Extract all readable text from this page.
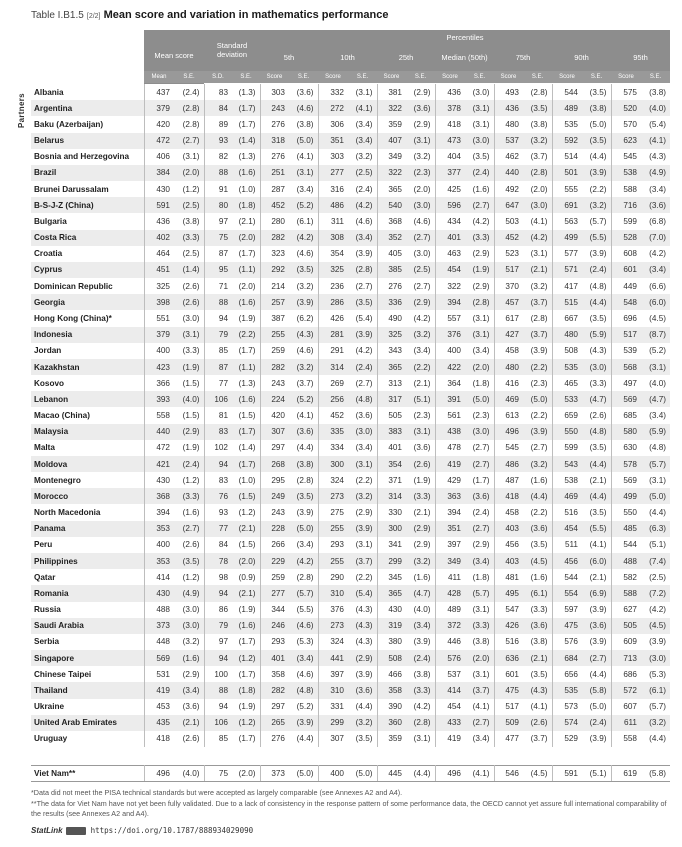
Table I.B1.5 [2/2] Mean score and variation in mathematics performance
Partners
Mean score
Standard deviation
Percentiles
5th	10th	25th	Median (50th)	75th	90th	95th
Mean	S.E.	S.D.	S.E.	Score	S.E.	Score	S.E.	Score	S.E.	Score	S.E.	Score	S.E.	Score	S.E.	Score	S.E.
Albania	437	(2.4)	83	(1.3)	303	(3.6)	332	(3.1)	381	(2.9)	436	(3.0)	493	(2.8)	544	(3.5)	575	(3.8)
Argentina	379	(2.8)	84	(1.7)	243	(4.6)	272	(4.1)	322	(3.6)	378	(3.1)	436	(3.5)	489	(3.8)	520	(4.0)
Baku (Azerbaijan)	420	(2.8)	89	(1.7)	276	(3.8)	306	(3.4)	359	(2.9)	418	(3.1)	480	(3.8)	535	(5.0)	570	(5.4)
Belarus	472	(2.7)	93	(1.4)	318	(5.0)	351	(3.4)	407	(3.1)	473	(3.0)	537	(3.2)	592	(3.5)	623	(4.1)
Bosnia and Herzegovina	406	(3.1)	82	(1.3)	276	(4.1)	303	(3.2)	349	(3.2)	404	(3.5)	462	(3.7)	514	(4.4)	545	(4.3)
Brazil	384	(2.0)	88	(1.6)	251	(3.1)	277	(2.5)	322	(2.3)	377	(2.4)	440	(2.8)	501	(3.9)	538	(4.9)
Brunei Darussalam	430	(1.2)	91	(1.0)	287	(3.4)	316	(2.4)	365	(2.0)	425	(1.6)	492	(2.0)	555	(2.2)	588	(3.4)
B-S-J-Z (China)	591	(2.5)	80	(1.8)	452	(5.2)	486	(4.2)	540	(3.0)	596	(2.7)	647	(3.0)	691	(3.2)	716	(3.6)
Bulgaria	436	(3.8)	97	(2.1)	280	(6.1)	311	(4.6)	368	(4.6)	434	(4.2)	503	(4.1)	563	(5.7)	599	(6.8)
Costa Rica	402	(3.3)	75	(2.0)	282	(4.2)	308	(3.4)	352	(2.7)	401	(3.3)	452	(4.2)	499	(5.5)	528	(7.0)
Croatia	464	(2.5)	87	(1.7)	323	(4.6)	354	(3.9)	405	(3.0)	463	(2.9)	523	(3.1)	577	(3.9)	608	(4.2)
Cyprus	451	(1.4)	95	(1.1)	292	(3.5)	325	(2.8)	385	(2.5)	454	(1.9)	517	(2.1)	571	(2.4)	601	(3.4)
Dominican Republic	325	(2.6)	71	(2.0)	214	(3.2)	236	(2.7)	276	(2.7)	322	(2.9)	370	(3.2)	417	(4.8)	449	(6.6)
Georgia	398	(2.6)	88	(1.6)	257	(3.9)	286	(3.5)	336	(2.9)	394	(2.8)	457	(3.7)	515	(4.4)	548	(6.0)
Hong Kong (China)*	551	(3.0)	94	(1.9)	387	(6.2)	426	(5.4)	490	(4.2)	557	(3.1)	617	(2.8)	667	(3.5)	696	(4.5)
Indonesia	379	(3.1)	79	(2.2)	255	(4.3)	281	(3.9)	325	(3.2)	376	(3.1)	427	(3.7)	480	(5.9)	517	(8.7)
Jordan	400	(3.3)	85	(1.7)	259	(4.6)	291	(4.2)	343	(3.4)	400	(3.4)	458	(3.9)	508	(4.3)	539	(5.2)
Kazakhstan	423	(1.9)	87	(1.1)	282	(3.2)	314	(2.4)	365	(2.2)	422	(2.0)	480	(2.2)	535	(3.0)	568	(3.1)
Kosovo	366	(1.5)	77	(1.3)	243	(3.7)	269	(2.7)	313	(2.1)	364	(1.8)	416	(2.3)	465	(3.3)	497	(4.0)
Lebanon	393	(4.0)	106	(1.6)	224	(5.2)	256	(4.8)	317	(5.1)	391	(5.0)	469	(5.0)	533	(4.7)	569	(4.7)
Macao (China)	558	(1.5)	81	(1.5)	420	(4.1)	452	(3.6)	505	(2.3)	561	(2.3)	613	(2.2)	659	(2.6)	685	(3.4)
Malaysia	440	(2.9)	83	(1.7)	307	(3.6)	335	(3.0)	383	(3.1)	438	(3.0)	496	(3.9)	550	(4.8)	580	(5.9)
Malta	472	(1.9)	102	(1.4)	297	(4.4)	334	(3.4)	401	(3.6)	478	(2.7)	545	(2.7)	599	(3.5)	630	(4.8)
Moldova	421	(2.4)	94	(1.7)	268	(3.8)	300	(3.1)	354	(2.6)	419	(2.7)	486	(3.2)	543	(4.4)	578	(5.7)
Montenegro	430	(1.2)	83	(1.0)	295	(2.8)	324	(2.2)	371	(1.9)	429	(1.7)	487	(1.6)	538	(2.1)	569	(3.1)
Morocco	368	(3.3)	76	(1.5)	249	(3.5)	273	(3.2)	314	(3.3)	363	(3.6)	418	(4.4)	469	(4.4)	499	(5.0)
North Macedonia	394	(1.6)	93	(1.2)	243	(3.9)	275	(2.9)	330	(2.1)	394	(2.4)	458	(2.2)	516	(3.5)	550	(4.4)
Panama	353	(2.7)	77	(2.1)	228	(5.0)	255	(3.9)	300	(2.9)	351	(2.7)	403	(3.6)	454	(5.5)	485	(6.3)
Peru	400	(2.6)	84	(1.5)	266	(3.4)	293	(3.1)	341	(2.9)	397	(2.9)	456	(3.5)	511	(4.1)	544	(5.1)
Philippines	353	(3.5)	78	(2.0)	229	(4.2)	255	(3.7)	299	(3.2)	349	(3.4)	403	(4.5)	456	(6.0)	488	(7.4)
Qatar	414	(1.2)	98	(0.9)	259	(2.8)	290	(2.2)	345	(1.6)	411	(1.8)	481	(1.6)	544	(2.1)	582	(2.5)
Romania	430	(4.9)	94	(2.1)	277	(5.7)	310	(5.4)	365	(4.7)	428	(5.7)	495	(6.1)	554	(6.9)	588	(7.2)
Russia	488	(3.0)	86	(1.9)	344	(5.5)	376	(4.3)	430	(4.0)	489	(3.1)	547	(3.3)	597	(3.9)	627	(4.2)
Saudi Arabia	373	(3.0)	79	(1.6)	246	(4.6)	273	(4.3)	319	(3.4)	372	(3.3)	426	(3.6)	475	(3.6)	505	(4.5)
Serbia	448	(3.2)	97	(1.7)	293	(5.3)	324	(4.3)	380	(3.9)	446	(3.8)	516	(3.8)	576	(3.9)	609	(3.9)
Singapore	569	(1.6)	94	(1.2)	401	(3.4)	441	(2.9)	508	(2.4)	576	(2.0)	636	(2.1)	684	(2.7)	713	(3.0)
Chinese Taipei	531	(2.9)	100	(1.7)	358	(4.6)	397	(3.9)	466	(3.8)	537	(3.1)	601	(3.5)	656	(4.4)	686	(5.3)
Thailand	419	(3.4)	88	(1.8)	282	(4.8)	310	(3.6)	358	(3.3)	414	(3.7)	475	(4.3)	535	(5.8)	572	(6.1)
Ukraine	453	(3.6)	94	(1.9)	297	(5.2)	331	(4.4)	390	(4.2)	454	(4.1)	517	(4.1)	573	(5.0)	607	(5.7)
United Arab Emirates	435	(2.1)	106	(1.2)	265	(3.9)	299	(3.2)	360	(2.8)	433	(2.7)	509	(2.6)	574	(2.4)	611	(3.2)
Uruguay	418	(2.6)	85	(1.7)	276	(4.4)	307	(3.5)	359	(3.1)	419	(3.4)	477	(3.7)	529	(3.9)	558	(4.4)
Viet Nam**	496	(4.0)	75	(2.0)	373	(5.0)	400	(5.0)	445	(4.4)	496	(4.1)	546	(4.5)	591	(5.1)	619	(5.8)
*Data did not meet the PISA technical standards but were accepted as largely comparable (see Annexes A2 and A4).
**The data for Viet Nam have not yet been fully validated. Due to a lack of consistency in the response pattern of some performance data, the OECD cannot yet assure full international comparability of the results (see Annexes A2 and A4).
StatLink	https://doi.org/10.1787/888934029090
